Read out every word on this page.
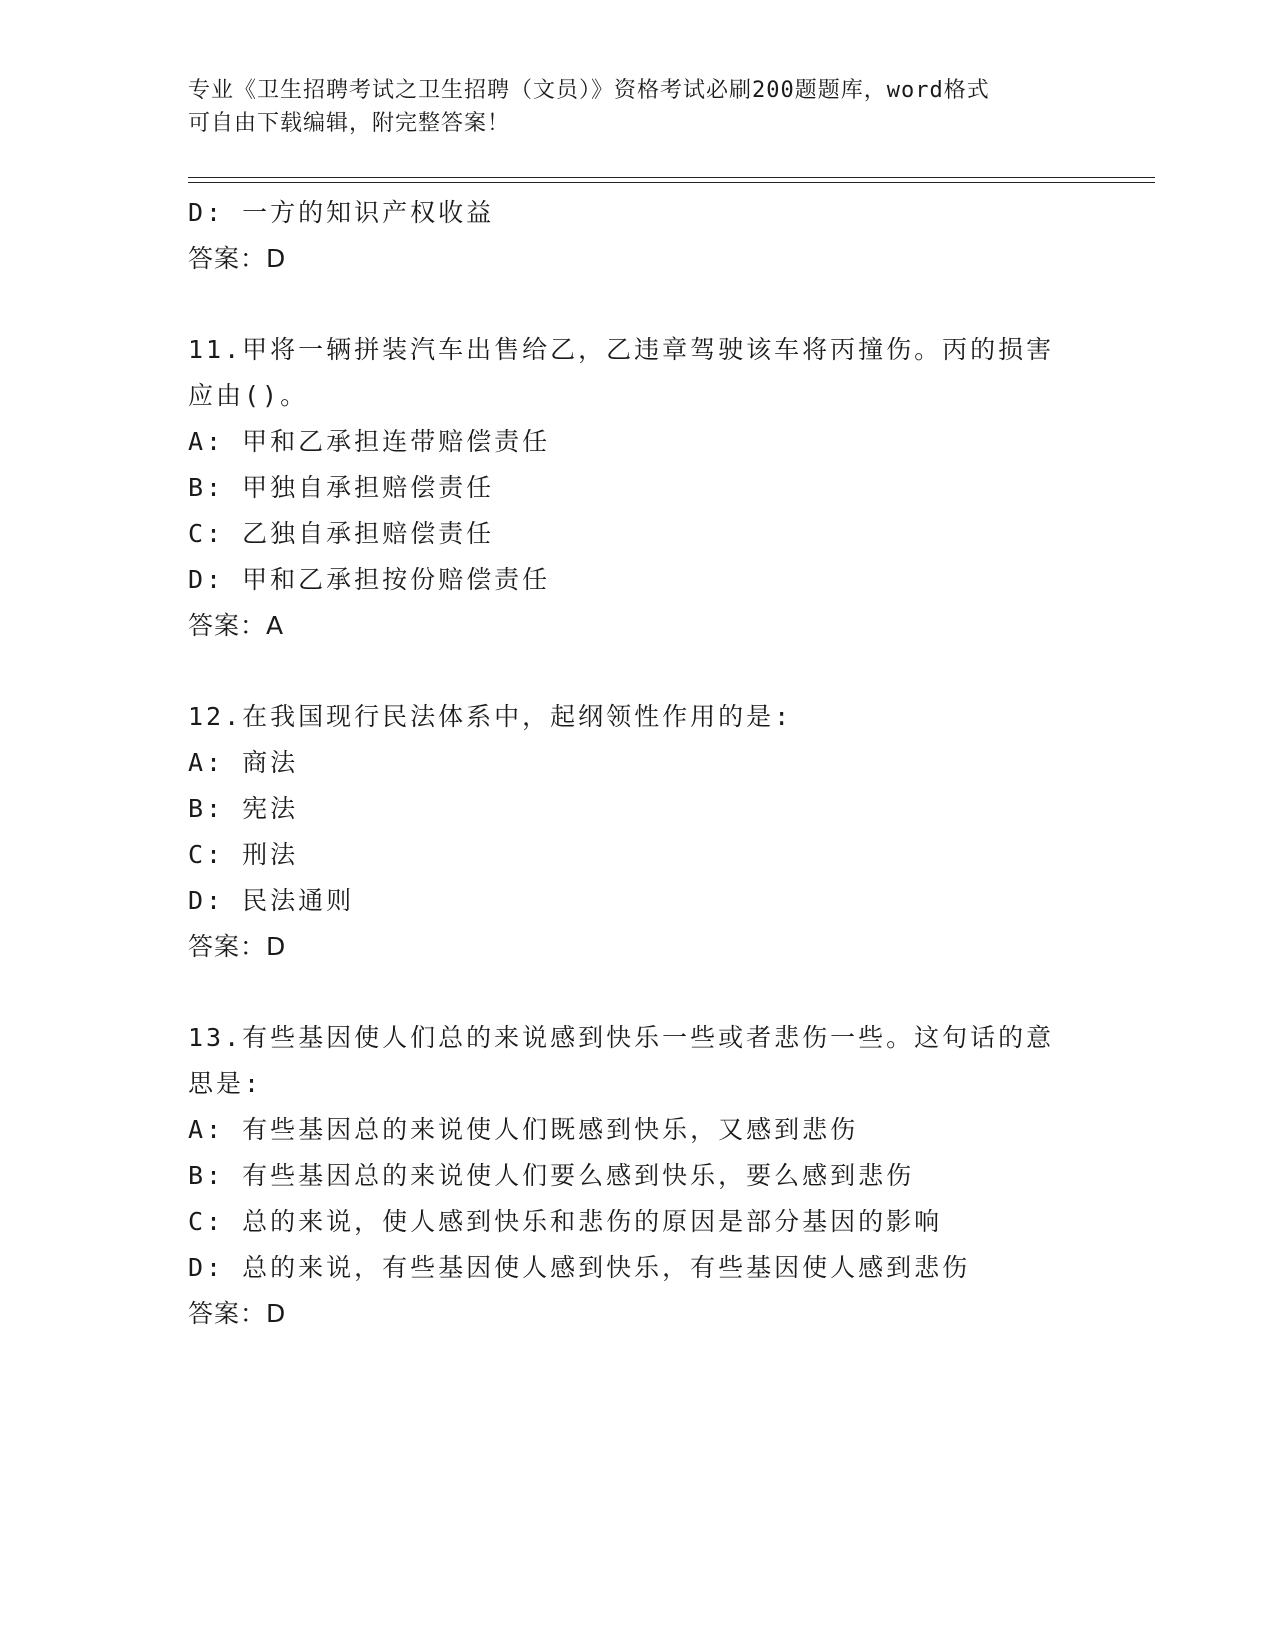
专业《卫生招聘考试之卫生招聘（文员）》资格考试必刷200题题库，word格式
可自由下载编辑，附完整答案！
D: 一方的知识产权收益
答案：D
11.甲将一辆拼装汽车出售给乙，乙违章驾驶该车将丙撞伤。丙的损害
应由()。
A: 甲和乙承担连带赔偿责任
B: 甲独自承担赔偿责任
C: 乙独自承担赔偿责任
D: 甲和乙承担按份赔偿责任
答案：A
12.在我国现行民法体系中，起纲领性作用的是:
A: 商法
B: 宪法
C: 刑法
D: 民法通则
答案：D
13.有些基因使人们总的来说感到快乐一些或者悲伤一些。这句话的意
思是:
A: 有些基因总的来说使人们既感到快乐，又感到悲伤
B: 有些基因总的来说使人们要么感到快乐，要么感到悲伤
C: 总的来说，使人感到快乐和悲伤的原因是部分基因的影响
D: 总的来说，有些基因使人感到快乐，有些基因使人感到悲伤
答案：D
